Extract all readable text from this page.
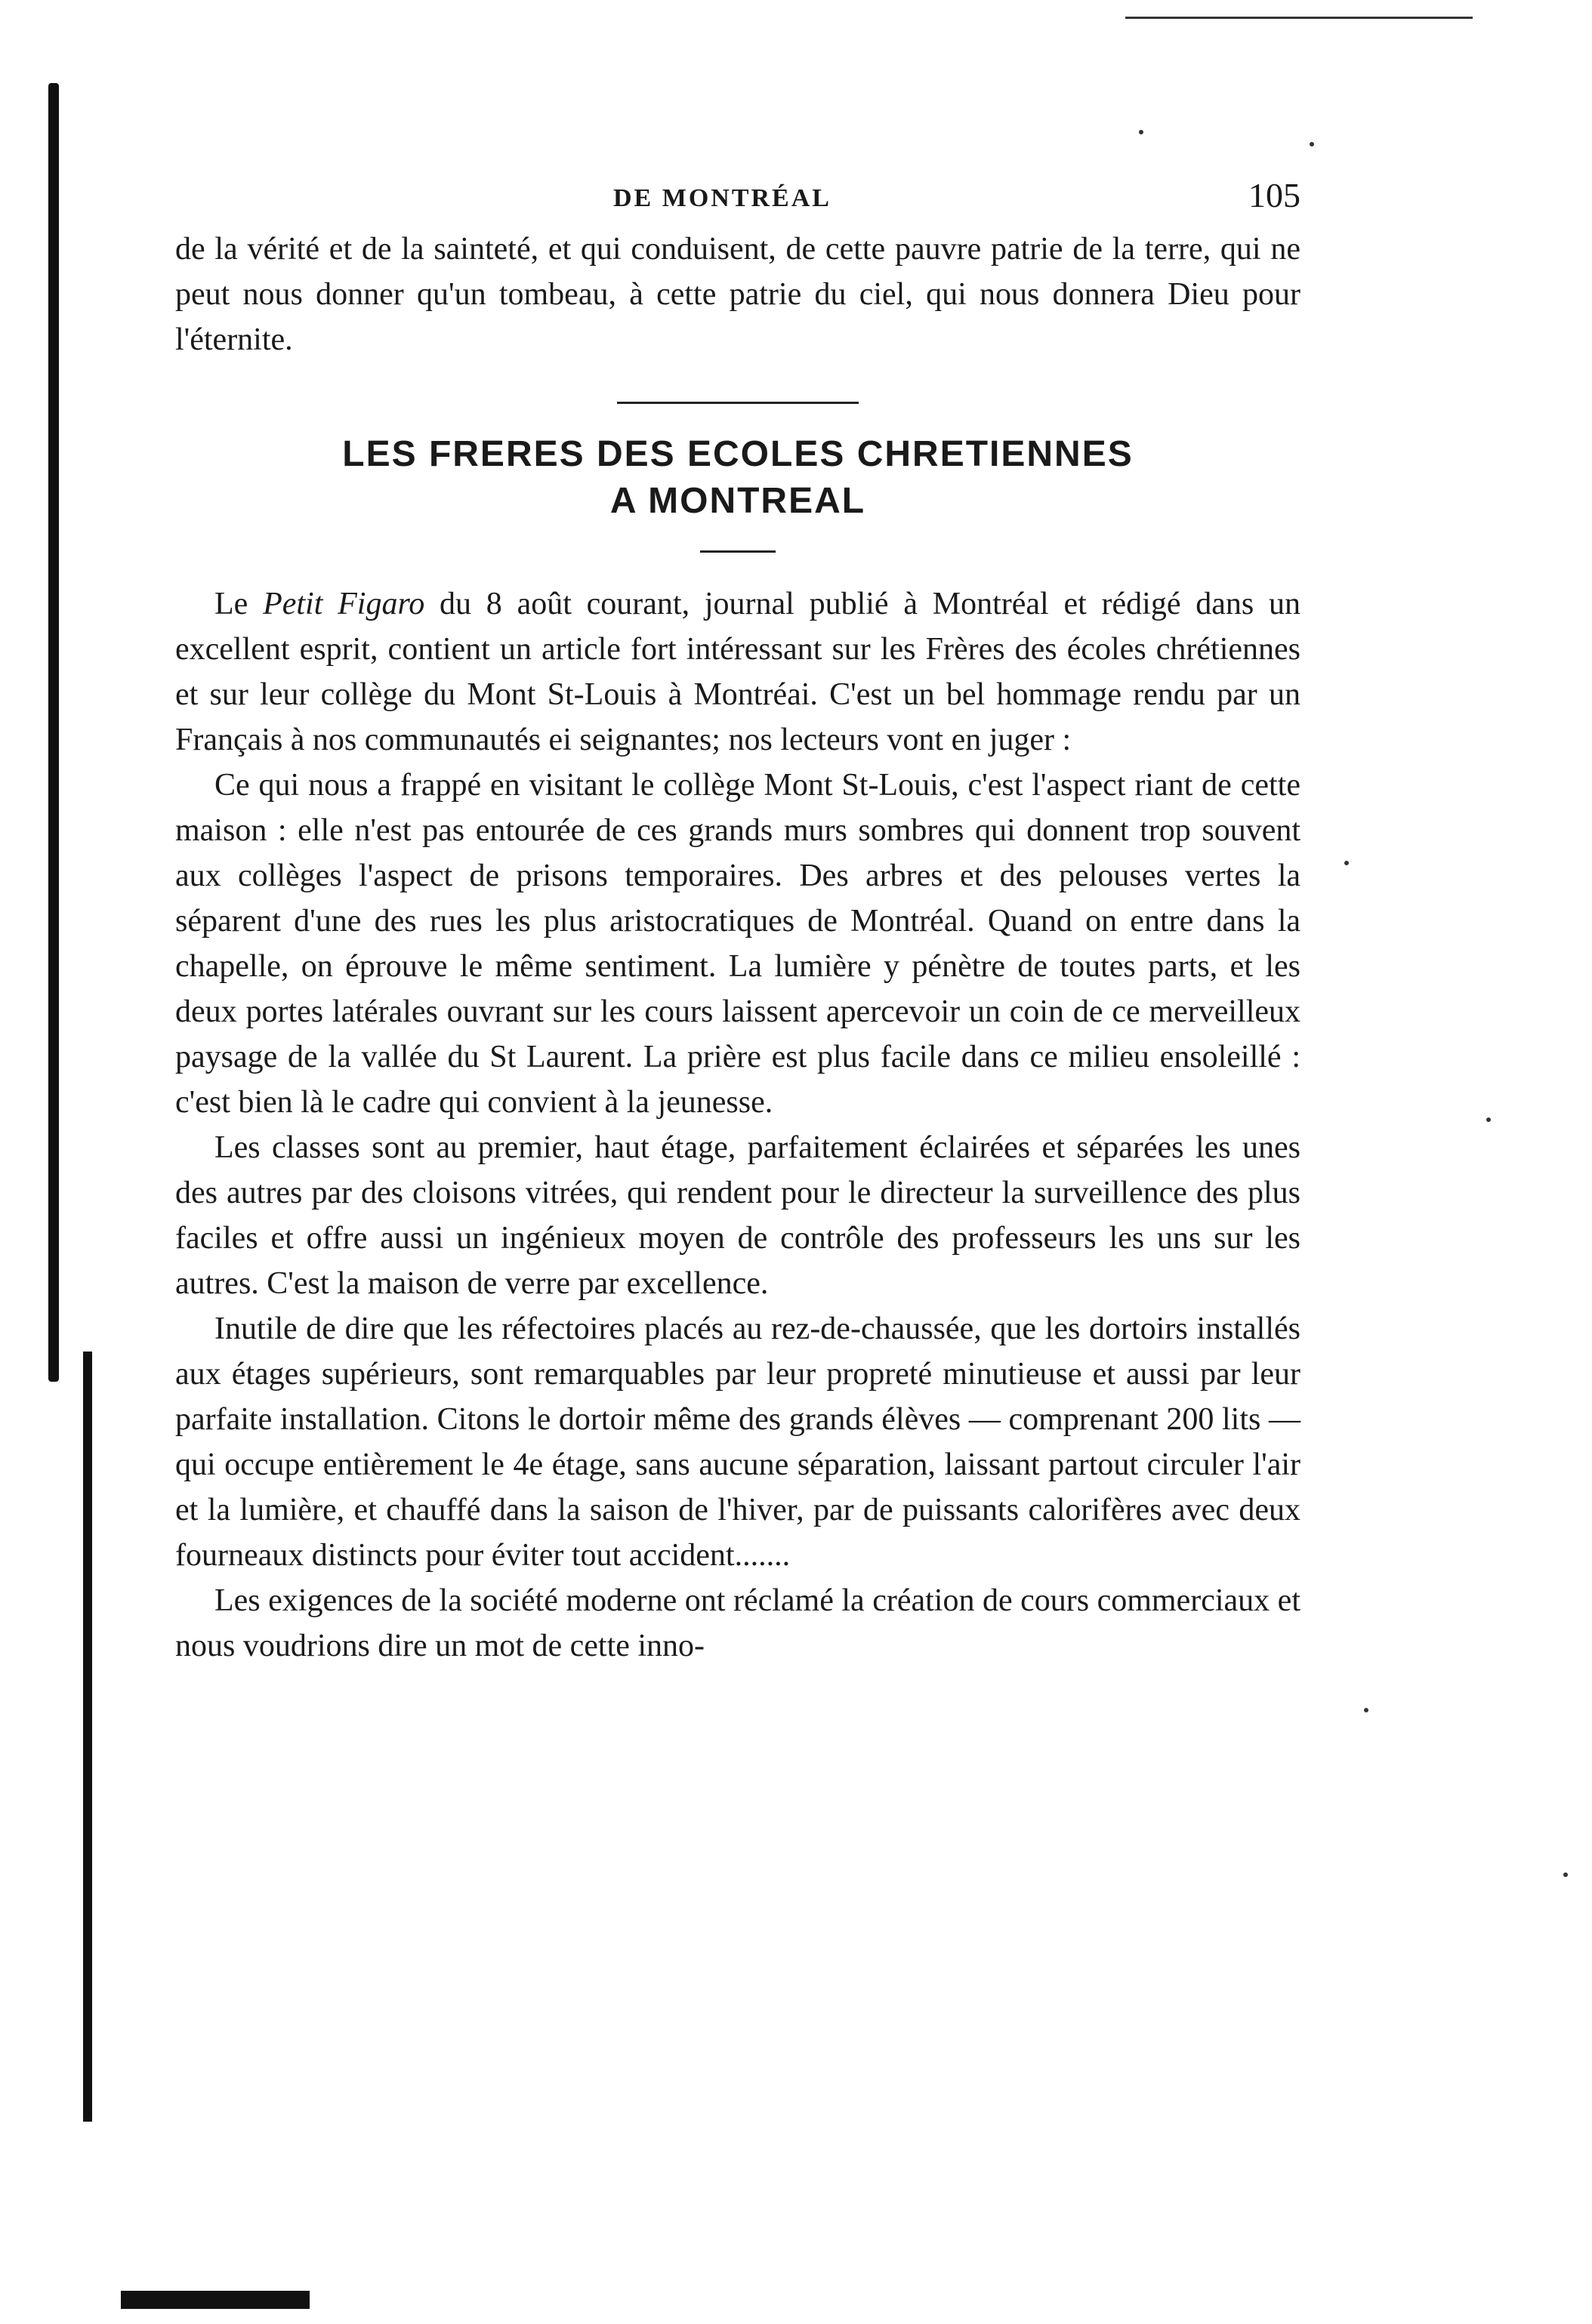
DE MONTRÉAL	105

de la vérité et de la sainteté, et qui conduisent, de cette pauvre patrie de la terre, qui ne peut nous donner qu'un tombeau, à cette patrie du ciel, qui nous donnera Dieu pour l'éternite.

LES FRERES DES ECOLES CHRETIENNES

A MONTREAL

Le Petit Figaro du 8 août courant, journal publié à Montréal et rédigé dans un excellent esprit, contient un article fort intéressant sur les Frères des écoles chrétiennes et sur leur collège du Mont St-Louis à Montréai. C'est un bel hommage rendu par un Français à nos communautés ei seignantes; nos lecteurs vont en juger :

Ce qui nous a frappé en visitant le collège Mont St-Louis, c'est l'aspect riant de cette maison : elle n'est pas entourée de ces grands murs sombres qui donnent trop souvent aux collèges l'aspect de prisons temporaires. Des arbres et des pelouses vertes la séparent d'une des rues les plus aristocratiques de Montréal. Quand on entre dans la chapelle, on éprouve le même sentiment. La lumière y pénètre de toutes parts, et les deux portes latérales ouvrant sur les cours laissent apercevoir un coin de ce merveilleux paysage de la vallée du St Laurent. La prière est plus facile dans ce milieu ensoleillé : c'est bien là le cadre qui convient à la jeunesse.

Les classes sont au premier, haut étage, parfaitement éclairées et séparées les unes des autres par des cloisons vitrées, qui rendent pour le directeur la surveillence des plus faciles et offre aussi un ingénieux moyen de contrôle des professeurs les uns sur les autres. C'est la maison de verre par excellence.

Inutile de dire que les réfectoires placés au rez-de-chaussée, que les dortoirs installés aux étages supérieurs, sont remarquables par leur propreté minutieuse et aussi par leur parfaite installation. Citons le dortoir même des grands élèves — comprenant 200 lits — qui occupe entièrement le 4e étage, sans aucune séparation, laissant partout circuler l'air et la lumière, et chauffé dans la saison de l'hiver, par de puissants calorifères avec deux fourneaux distincts pour éviter tout accident.......

Les exigences de la société moderne ont réclamé la création de cours commerciaux et nous voudrions dire un mot de cette inno-
